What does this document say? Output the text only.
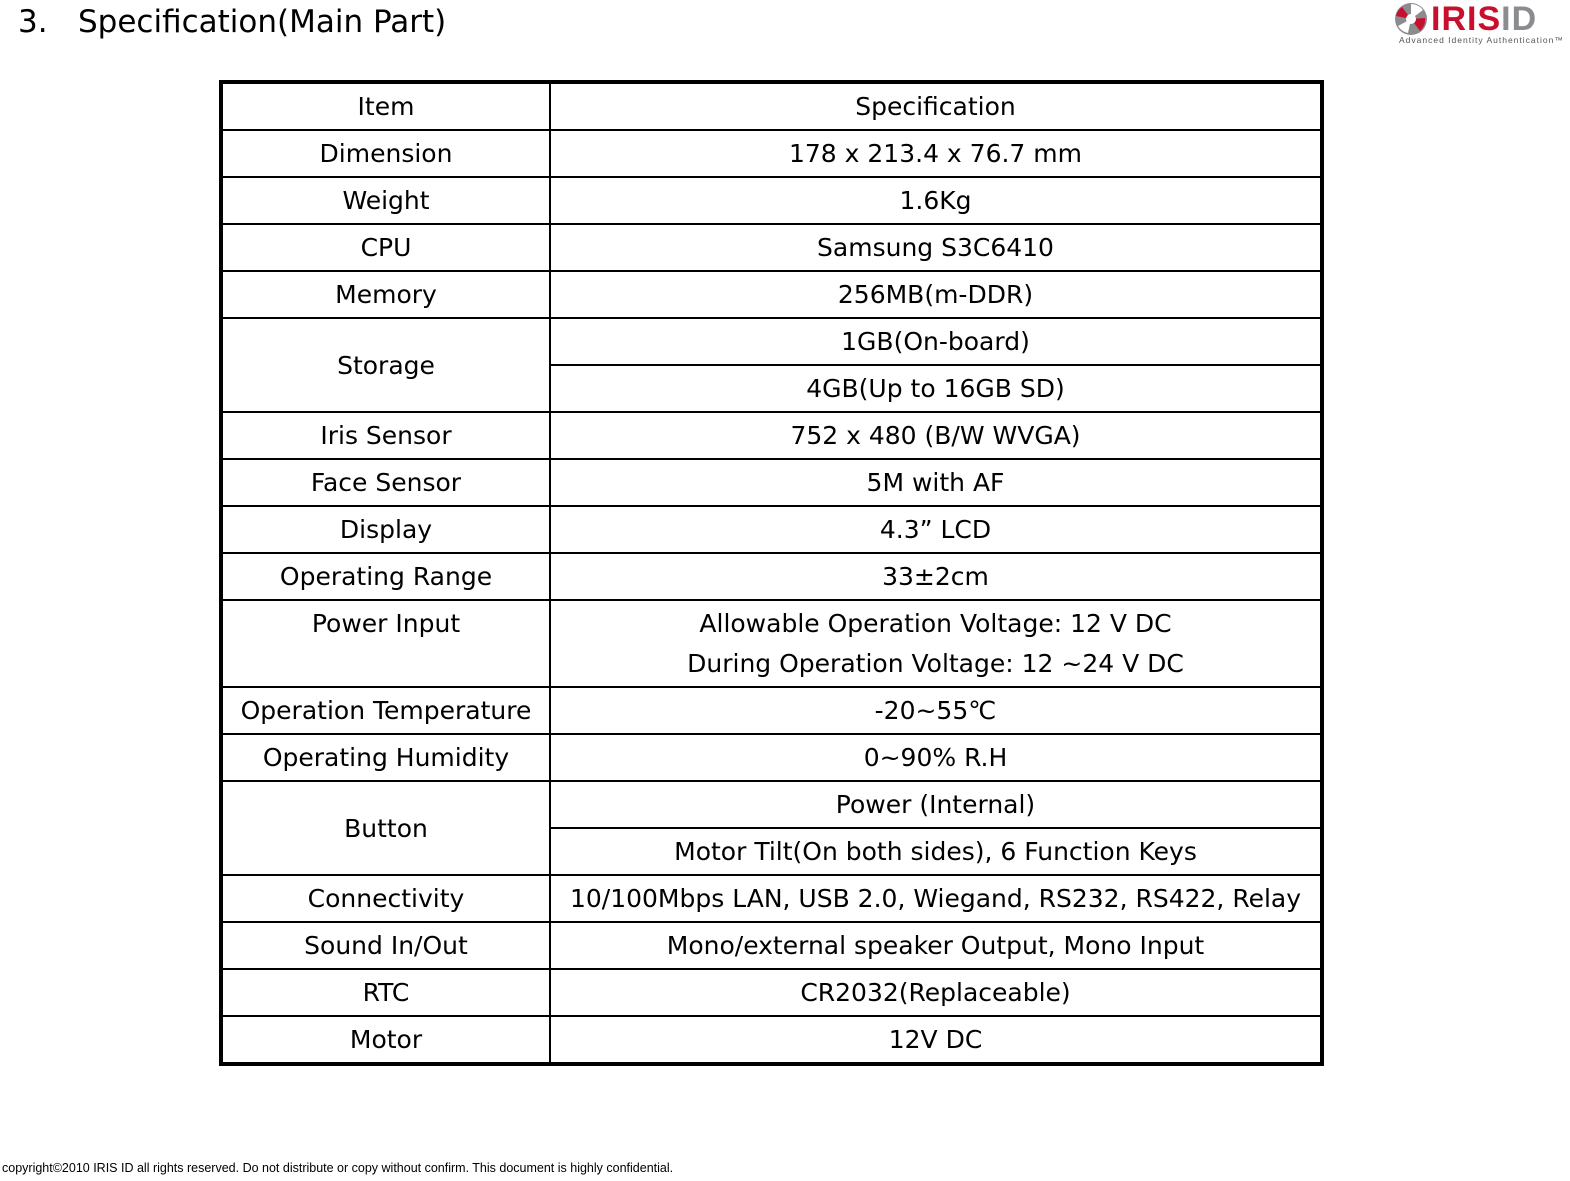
3. Specification(Main Part)	IRISID
Advanced Identity Authentication™
Item	Specification
Dimension	178 x 213.4 x 76.7 mm
Weight	1.6Kg
CPU	Samsung S3C6410
Memory	256MB(m-DDR)
Storage	1GB(On-board)
	4GB(Up to 16GB SD)
Iris Sensor	752 x 480 (B/W WVGA)
Face Sensor	5M with AF
Display	4.3” LCD
Operating Range	33±2cm
Power Input	Allowable Operation Voltage: 12 V DC
During Operation Voltage: 12 ~24 V DC

Operation Temperature	-20~55℃
Operating Humidity	0~90% R.H
Button	Power (Internal)
	Motor Tilt(On both sides), 6 Function Keys
Connectivity	10/100Mbps LAN, USB 2.0, Wiegand, RS232, RS422, Relay
Sound In/Out	Mono/external speaker Output, Mono Input
RTC	CR2032(Replaceable)
Motor	12V DC
copyright©2010 IRIS ID all rights reserved. Do not distribute or copy without confirm. This document is highly confidential.
